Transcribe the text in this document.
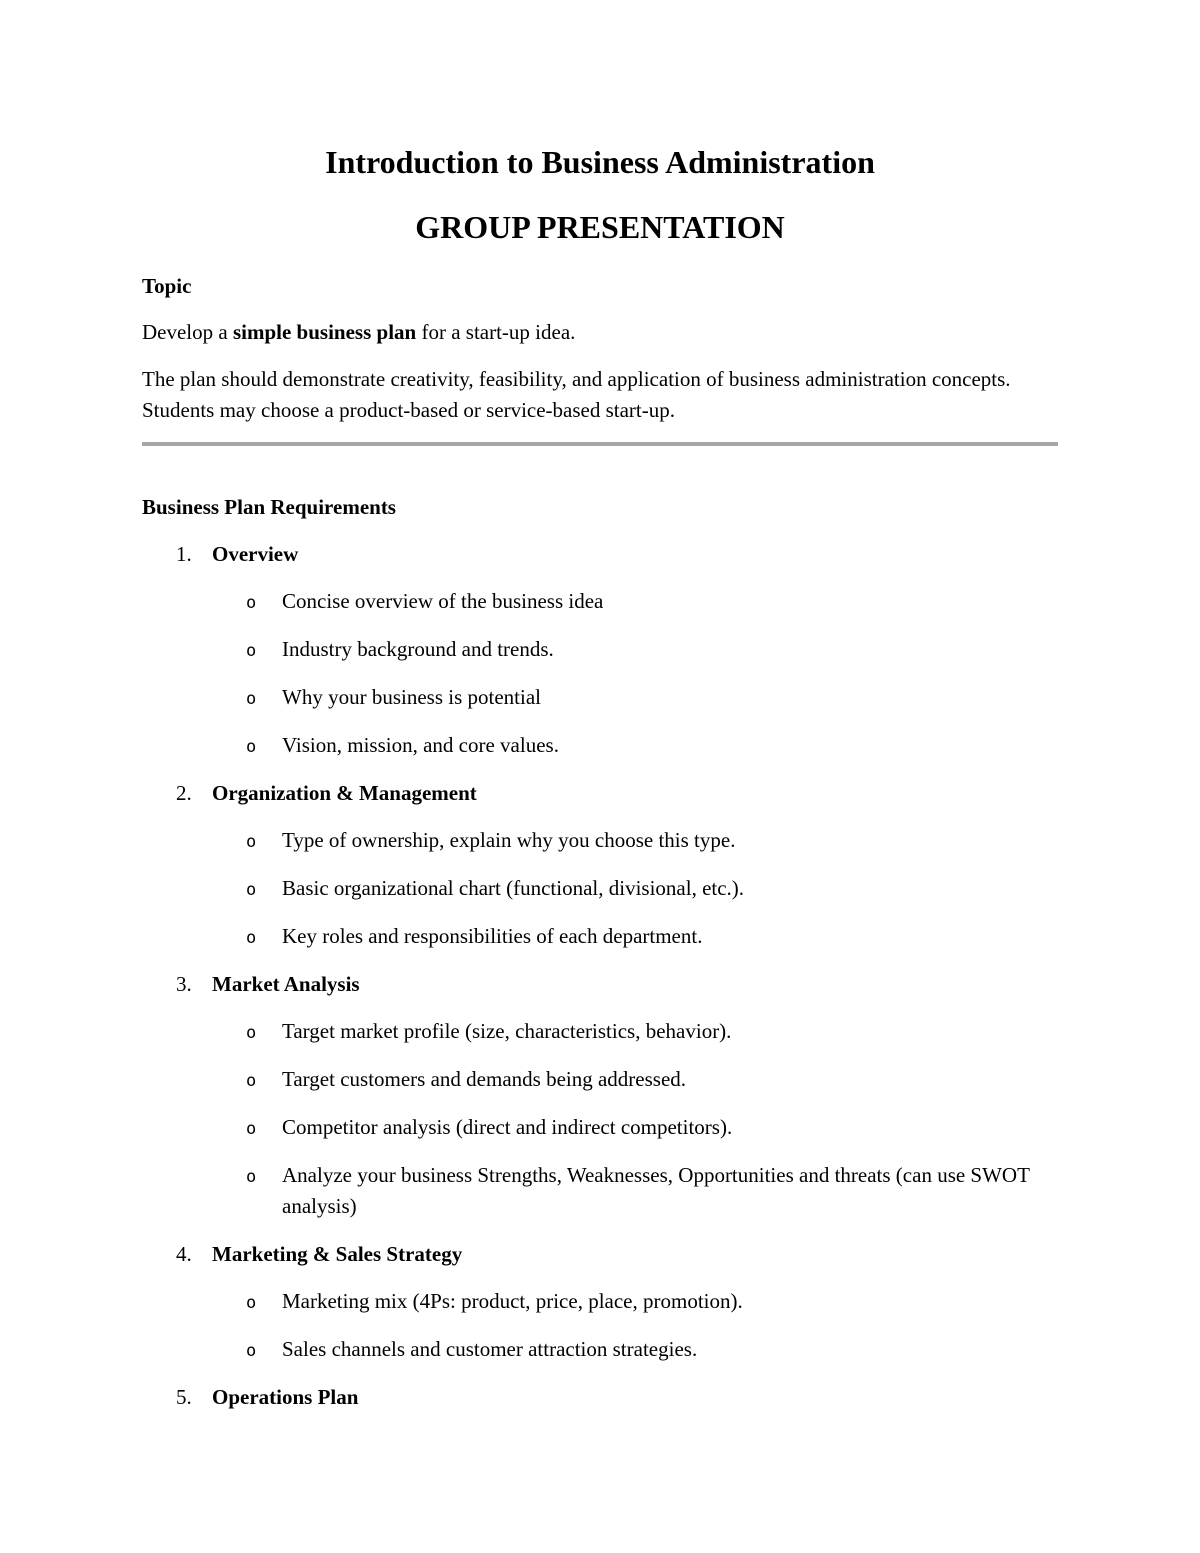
Introduction to Business Administration
GROUP PRESENTATION
Topic

Develop a simple business plan for a start-up idea.

The plan should demonstrate creativity, feasibility, and application of business administration concepts. Students may choose a product-based or service-based start-up.

Business Plan Requirements
1. Overview
o Concise overview of the business idea
o Industry background and trends.
o Why your business is potential
o Vision, mission, and core values.
2. Organization & Management
o Type of ownership, explain why you choose this type.
o Basic organizational chart (functional, divisional, etc.).
o Key roles and responsibilities of each department.
3. Market Analysis
o Target market profile (size, characteristics, behavior).
o Target customers and demands being addressed.
o Competitor analysis (direct and indirect competitors).
o Analyze your business Strengths, Weaknesses, Opportunities and threats (can use SWOT analysis)
4. Marketing & Sales Strategy
o Marketing mix (4Ps: product, price, place, promotion).
o Sales channels and customer attraction strategies.
5. Operations Plan
